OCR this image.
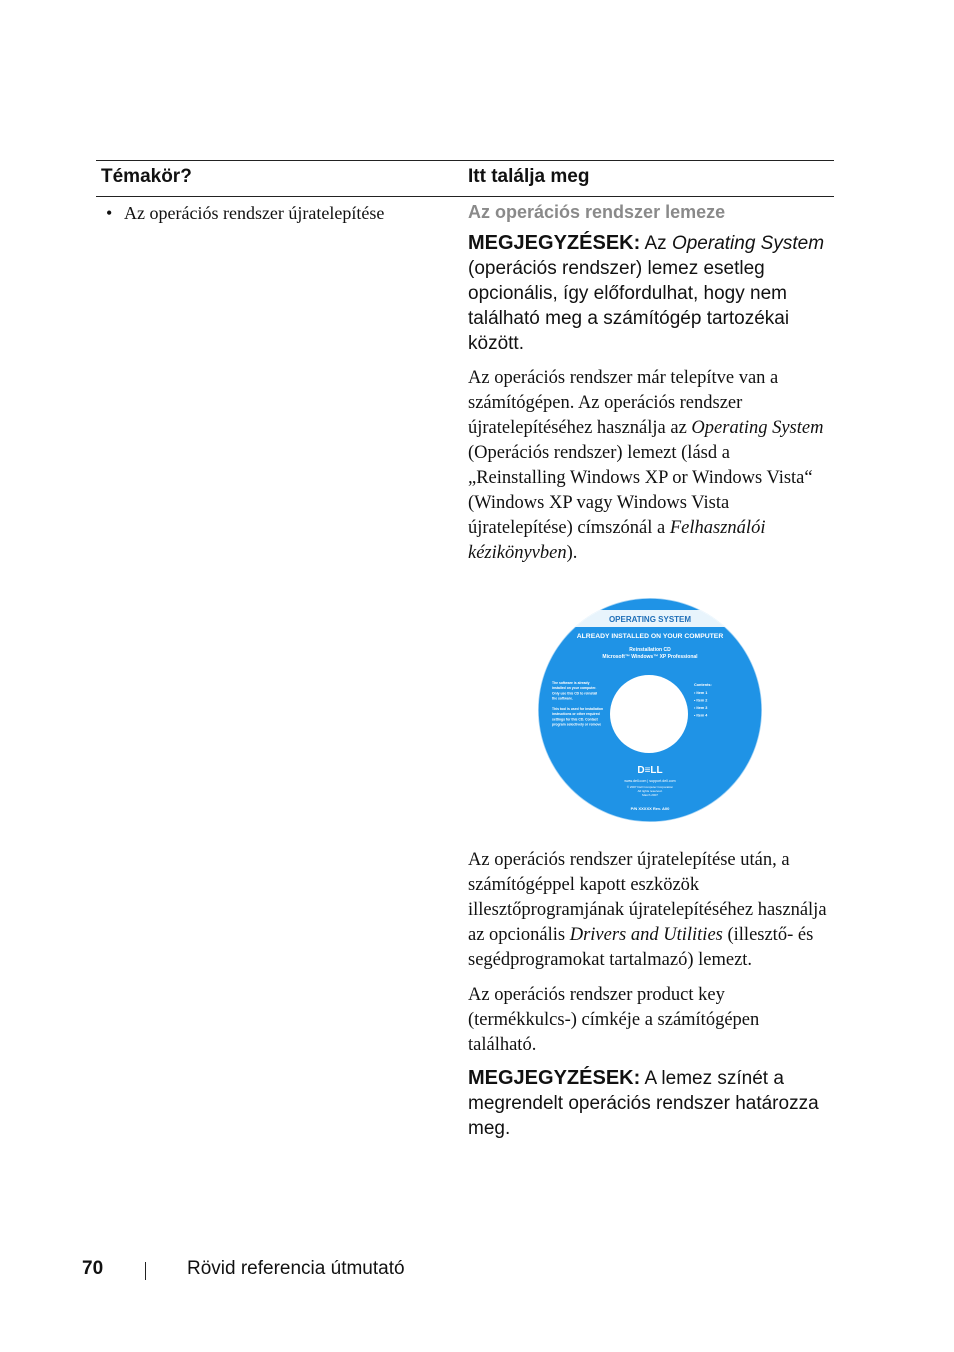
Témakör?	Itt találja meg
• Az operációs rendszer újratelepítése	Az operációs rendszer lemeze

MEGJEGYZÉSEK: Az Operating System (operációs rendszer) lemez esetleg opcionális, így előfordulhat, hogy nem található meg a számítógép tartozékai között.

Az operációs rendszer már telepítve van a számítógépen. Az operációs rendszer újratelepítéséhez használja az Operating System (Operációs rendszer) lemezt (lásd a „Reinstalling Windows XP or Windows Vista“ (Windows XP vagy Windows Vista újratelepítése) címszónál a Felhasználói kézikönyvben).

OPERATING SYSTEM
ALREADY INSTALLED ON YOUR COMPUTER
Reinstallation CD
Microsoft™ Windows™ XP Professional
The software is already
installed on your computer.
Only use this CD to reinstall
the software.
This tool is used for installation
instructions or other required
settings for this CD. Contact
program selectively or remove
Contents:
• Item 1
• Item 2
• Item 3
• Item 4
D≡LL
www.dell.com | support.dell.com
© 2007 Dell Computer Corporation
All rights reserved.
March 2007
P/N XXXXX Rev. A00

Az operációs rendszer újratelepítése után, a számítógéppel kapott eszközök illesztőprogramjának újratelepítéséhez használja az opcionális Drivers and Utilities (illesztő- és segédprogramokat tartalmazó) lemezt.

Az operációs rendszer product key (termékkulcs-) címkéje a számítógépen található.

MEGJEGYZÉSEK: A lemez színét a megrendelt operációs rendszer határozza meg.

70	Rövid referencia útmutató
